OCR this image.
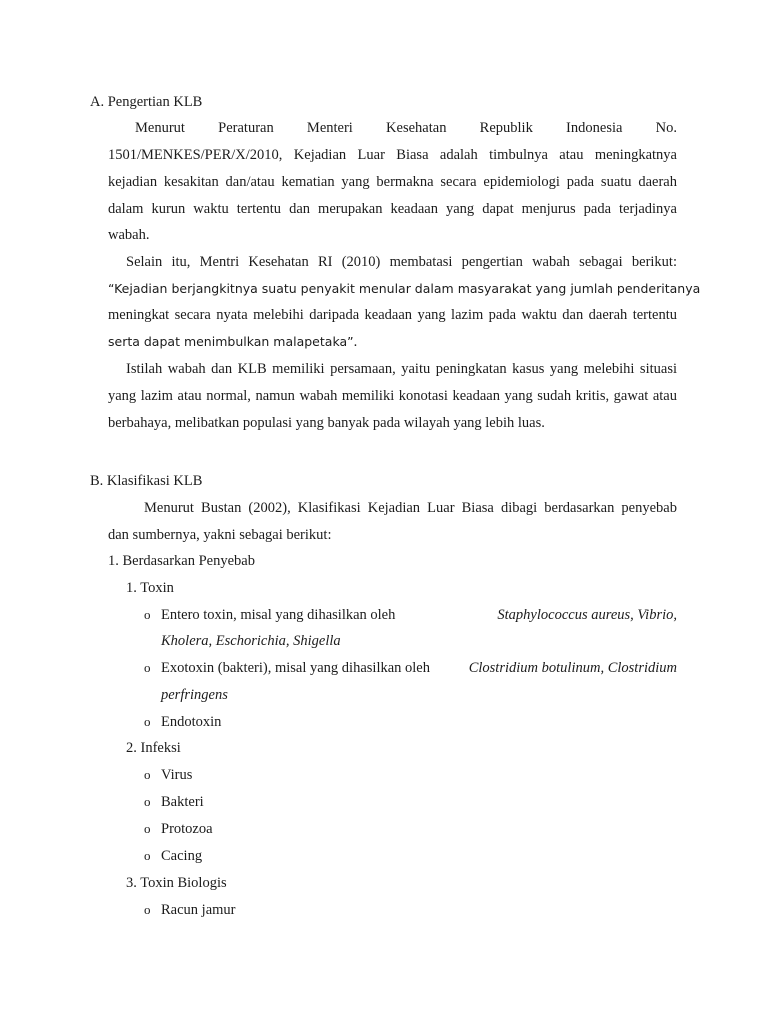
A. Pengertian KLB
Menurut Peraturan Menteri Kesehatan Republik Indonesia No.
1501/MENKES/PER/X/2010, Kejadian Luar Biasa adalah timbulnya atau meningkatnya
kejadian kesakitan dan/atau kematian yang bermakna secara epidemiologi pada suatu daerah
dalam kurun waktu tertentu dan merupakan keadaan yang dapat menjurus pada terjadinya
wabah.
Selain itu, Mentri Kesehatan RI (2010) membatasi pengertian wabah sebagai berikut:
“Kejadian berjangkitnya suatu penyakit menular dalam masyarakat yang jumlah penderitanya
meningkat secara nyata melebihi daripada keadaan yang lazim pada waktu dan daerah tertentu
serta dapat menimbulkan malapetaka”.
Istilah wabah dan KLB memiliki persamaan, yaitu peningkatan kasus yang melebihi situasi
yang lazim atau normal, namun wabah memiliki konotasi keadaan yang sudah kritis, gawat atau
berbahaya, melibatkan populasi yang banyak pada wilayah yang lebih luas.
B. Klasifikasi KLB
Menurut Bustan (2002), Klasifikasi Kejadian Luar Biasa dibagi berdasarkan penyebab
dan sumbernya, yakni sebagai berikut:
1. Berdasarkan Penyebab
1. Toxin
o Entero toxin, misal yang dihasilkan oleh	Staphylococcus aureus, Vibrio,
Kholera, Eschorichia, Shigella
o Exotoxin (bakteri), misal yang dihasilkan oleh	Clostridium botulinum, Clostridium
perfringens
o Endotoxin
2. Infeksi
o Virus
o Bakteri
o Protozoa
o Cacing
3. Toxin Biologis
o Racun jamur
